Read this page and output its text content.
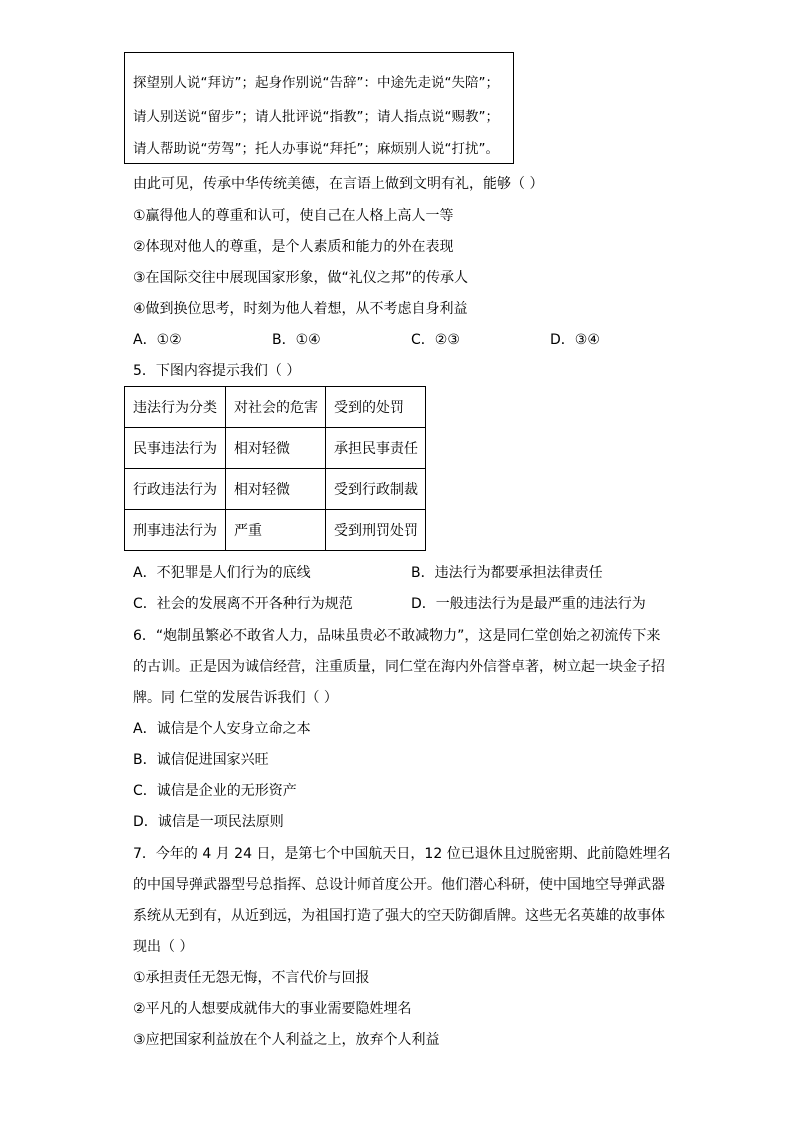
探望别人说“拜访”；起身作别说“告辞”：中途先走说“失陪”；
请人别送说“留步”；请人批评说“指教”；请人指点说“赐教”；
请人帮助说“劳驾”；托人办事说“拜托”；麻烦别人说“打扰”。
由此可见，传承中华传统美德，在言语上做到文明有礼，能够（ ）
①赢得他人的尊重和认可，使自己在人格上高人一等
②体现对他人的尊重，是个人素质和能力的外在表现
③在国际交往中展现国家形象，做“礼仪之邦”的传承人
④做到换位思考，时刻为他人着想，从不考虑自身利益
A．①②	B．①④	C．②③	D．③④
5．下图内容提示我们（ ）
违法行为分类	对社会的危害	受到的处罚
民事违法行为	相对轻微	承担民事责任
行政违法行为	相对轻微	受到行政制裁
刑事违法行为	严重	受到刑罚处罚
A．不犯罪是人们行为的底线	B．违法行为都要承担法律责任
C．社会的发展离不开各种行为规范	D．一般违法行为是最严重的违法行为
6．“炮制虽繁必不敢省人力，品味虽贵必不敢减物力”，这是同仁堂创始之初流传下来
的古训。正是因为诚信经营，注重质量，同仁堂在海内外信誉卓著，树立起一块金子招
牌。同 仁堂的发展告诉我们（ ）
A．诚信是个人安身立命之本
B．诚信促进国家兴旺
C．诚信是企业的无形资产
D．诚信是一项民法原则
7．今年的 4 月 24 日，是第七个中国航天日，12 位已退休且过脱密期、此前隐姓埋名
的中国导弹武器型号总指挥、总设计师首度公开。他们潜心科研，使中国地空导弹武器
系统从无到有，从近到远，为祖国打造了强大的空天防御盾牌。这些无名英雄的故事体
现出（ ）
①承担责任无怨无悔，不言代价与回报
②平凡的人想要成就伟大的事业需要隐姓埋名
③应把国家利益放在个人利益之上，放弃个人利益
